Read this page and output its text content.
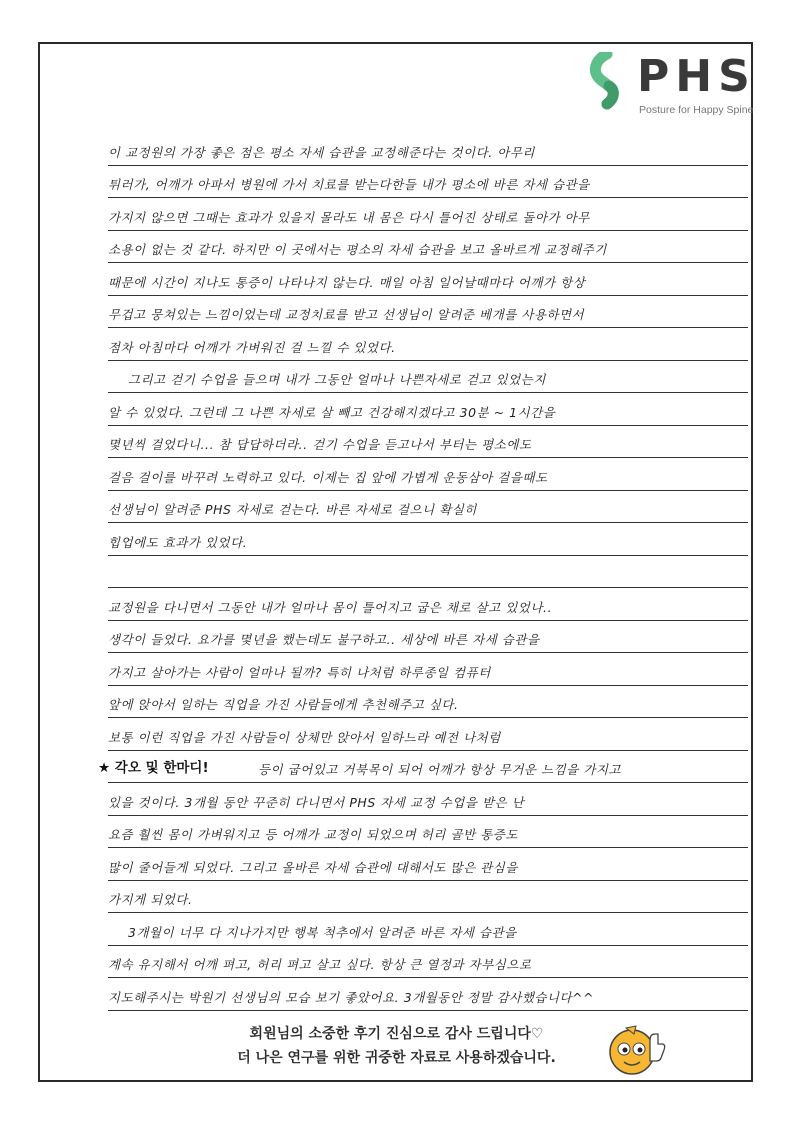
PHS
Posture for Happy Spine
이 교정원의 가장 좋은 점은 평소 자세 습관을 교정해준다는 것이다. 아무리
튀러가, 어깨가 아파서 병원에 가서 치료를 받는다한들 내가 평소에 바른 자세 습관을
가지지 않으면 그때는 효과가 있을지 몰라도 내 몸은 다시 틀어진 상태로 돌아가 아무
소용이 없는 것 같다. 하지만 이 곳에서는 평소의 자세 습관을 보고 올바르게 교정해주기
때문에 시간이 지나도 통증이 나타나지 않는다. 매일 아침 일어날때마다 어깨가 항상
무겁고 뭉쳐있는 느낌이었는데 교정치료를 받고 선생님이 알려준 베개를 사용하면서
점차 아침마다 어깨가 가벼워진 걸 느낄 수 있었다.
그리고 걷기 수업을 들으며 내가 그동안 얼마나 나쁜자세로 걷고 있었는지
알 수 있었다. 그런데 그 나쁜 자세로 살 빼고 건강해지겠다고 30분 ~ 1시간을
몇년씩 걸었다니... 참 답답하더라.. 걷기 수업을 듣고나서 부터는 평소에도
걸음 걸이를 바꾸려 노력하고 있다. 이제는 집 앞에 가볍게 운동삼아 걸을때도
선생님이 알려준 PHS 자세로 걷는다. 바른 자세로 걸으니 확실히
힙업에도 효과가 있었다.
교정원을 다니면서 그동안 내가 얼마나 몸이 틀어지고 굽은 채로 살고 있었나..
생각이 들었다. 요가를 몇년을 했는데도 불구하고.. 세상에 바른 자세 습관을
가지고 살아가는 사람이 얼마나 될까? 특히 나처럼 하루종일 컴퓨터
앞에 앉아서 일하는 직업을 가진 사람들에게 추천해주고 싶다.
보통 이런 직업을 가진 사람들이 상체만 앉아서 일하느라 예전 나처럼
★ 각오 및 한마디!	등이 굽어있고 거북목이 되어 어깨가 항상 무거운 느낌을 가지고
있을 것이다. 3개월 동안 꾸준히 다니면서 PHS 자세 교정 수업을 받은 난
요즘 훨씬 몸이 가벼워지고 등 어깨가 교정이 되었으며 허리 골반 통증도
많이 줄어들게 되었다. 그리고 올바른 자세 습관에 대해서도 많은 관심을
가지게 되었다.
3개월이 너무 다 지나가지만 행복 척추에서 알려준 바른 자세 습관을
계속 유지해서 어깨 펴고, 허리 펴고 살고 싶다. 항상 큰 열정과 자부심으로
지도해주시는 박원기 선생님의 모습 보기 좋았어요. 3개월동안 정말 감사했습니다^^
회원님의 소중한 후기 진심으로 감사 드립니다♡
더 나은 연구를 위한 귀중한 자료로 사용하겠습니다.
